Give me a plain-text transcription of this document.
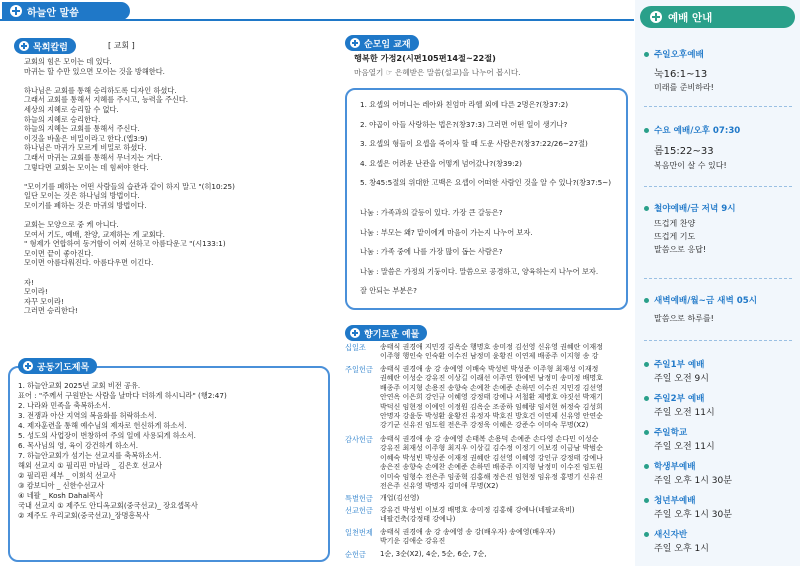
하늘안 말씀
목회칼럼	[ 교회 ]
교회의 힘은 모이는 데 있다.
마귀는 할 수만 있으면 모이는 것을 방해한다.

하나님은 교회를 통해 승리하도록 디자인 하셨다.
그래서 교회를 통해서 지혜를 주시고, 능력을 주신다.
세상의 지혜로 승리할 수 없다.
하늘의 지혜로 승리한다.
하늘의 지혜는 교회를 통해서 주신다.
이것을 바울은 비밀이라고 한다.(엡3:9)
하나님은 마귀가 모르게 비밀로 하셨다.
그래서 마귀는 교회를 통해서 무너지는 거다.
그렇다면 교회는 모이는 데 힘써야 한다.

"모이기를 폐하는 어떤 사람들의 습관과 같이 하지 말고 "(히10:25)
일단 모이는 것은 하나님의 방법이다.
모이기를 폐하는 것은 마귀의 방법이다.

교회는 모양으로 중 케 아니다.
모여서 기도, 예배, 찬양, 교제하는 게 교회다.
" 형제가 연합하여 동거함이 어찌 선하고 아름다운고 "(시133:1)
모이면 끝이 좋아진다.
모이면 아름다워진다. 아름다우면 이긴다.

자!
모이라!
자꾸 모이라!
그러면 승리한다!
공동기도제목
1. 하늘안교회 2025년 교회 비전 공유.
표어 : "주께서 구원받는 사람을 날마다 더하게 하시니라" (행2:47)
2. 나라와 민족을 축복하소서.
3. 전쟁과 아산 지역의 복음화를 허락하소서.
4. 제자훈련을 통해 예수님의 제자로 헌신하게 하소서.
5. 성도의 사업장이 번창하여 주의 일에 사용되게 하소서.
6. 목사님의 영, 육이 강건하게 하소서.
7. 하늘안교회가 섬기는 선교지를 축복하소서.
해외 선교지 ① 필리핀 마닐라 _ 김은호 선교사
② 필리핀 세부 _ 이희석 선교사
③ 캄보디아 _ 신한수선교사
④ 네팔 _ Kosh Dahal목사
국내 선교지 ① 제주도 안디옥교회(중국선교)_ 장요셉목사
② 제주도 우리교회(중국선교)_장명흥목사
순모임 교재
행복한 가정2(시편105편14절~22절)
마음열기 ☞ 은혜받은 말씀(설교)을 나누어 봅시다.
1. 요셉의 어머니는 레아와 친엄마 라헬 외에 다른 2명은?(창37:2)

2. 야곱이 아들 사랑하는 법은?(창37:3) 그러면 어떤 일이 생기나?

3. 요셉의 형들이 요셉을 죽이자 할 때 도운 사람은?(창37:22/26~27절)

4. 요셉은 어려운 난관을 어떻게 넘어갔나?(창39:2)

5. 창45:5절의 위대한 고백은 요셉이 어떠한 사람인 것을 알 수 있나?(창37:5~)
나눔 : 가족과의 갈등이 있다. 가장 큰 갈등은?

나눔 : 부모는 왜? 맡이에게 마음이 가는지 나누어 보자.

나눔 : 가족 중에 나를 가장 많이 돕는 사람은?

나눔 : 말씀은 가정의 기둥이다. 말씀으로 공경하고, 양육하는지 나누어 보자.

잘 안되는 부분은?
향기로운 예물
십일조 송태식 권경애 지민경 김옥순 행명호 송미정 김선영 신유영 권혜란 이재정
이주형 행인숙 인숙환 이수진 남정미 윤황진 이연제 배종주 이지형 송 강
주일헌금 송태식 권경애 송 강 송예영 이배숙 박성빈 박성준 이주형 최재성 이재정
권혜란 이성순 강유진 이상길 이래선 이주연 한예빈 남정미 송미정 배명호
배종주 이지형 손용진 송향숙 손예찬 손예준 손하민 이수진 지민경 김선영
안연옥 이은희 강인규 이혜영 강정태 강예나 서철환 제병호 야짓선 박재기
박덕신 임현정 이예인 이정원 김옥순 조종하 임혜량 임서현 허정숙 김성희
안명자 강윤동 박성환 윤황진 유정자 박호진 방호건 이연제 신유영 안연순
강기군 신유진 임도원 전은주 강정욱 이혜은 강준수 이미숙 무명(X2)
감사헌금 송태식 권경애 송 강 송예영 손태복 손용덕 손예준 손다영 손다민 이성순
강유진 최재성 이주형 최지우 이상길 김수정 이정기 이보경 이금남 박범순
이혜숙 박성빈 박성준 이재정 권혜란 김선영 이혜영 강인규 강정태 강예나
송은진 송향숙 손예찬 손예준 손하민 배종주 이지형 남정미 이수진 임도원
이미숙 임형수 전은주 임종혁 김홍해 정은진 임현정 임유정 홍명기 신유진
전은주 신유영 박명자 김미애 무명(X2)
특별헌금 개업(김선영)
선교헌금 강유건 박성빈 이보경 배명호 송미정 김홍해 강예나(네팔교육비)
네팔건축(강정태 강예나)
일천번제 송태식 권경애 송 강 송예영 송 강(배우자) 송예영(배우자)
박기운 김애순 강유진
순헌금 1순, 3순(X2), 4순, 5순, 6순, 7순,
예배 안내
주일오후예배
눅16:1~13
미래를 준비하라!
수요 예배/오후 07:30
롬15:22~33
복음만이 살 수 있다!
철야예배/금 저녁 9시
뜨겁게 찬양
뜨겁게 기도
말씀으로 응답!
새벽예배/월~금 새벽 05시
말씀으로 하루를!
주일1부 예배
주일 오전 9시
주일2부 예배
주일 오전 11시
주일학교
주일 오전 11시
학생부예배
주일 오후 1시 30분
청년부예배
주일 오후 1시 30분
새신자반
주일 오후 1시
